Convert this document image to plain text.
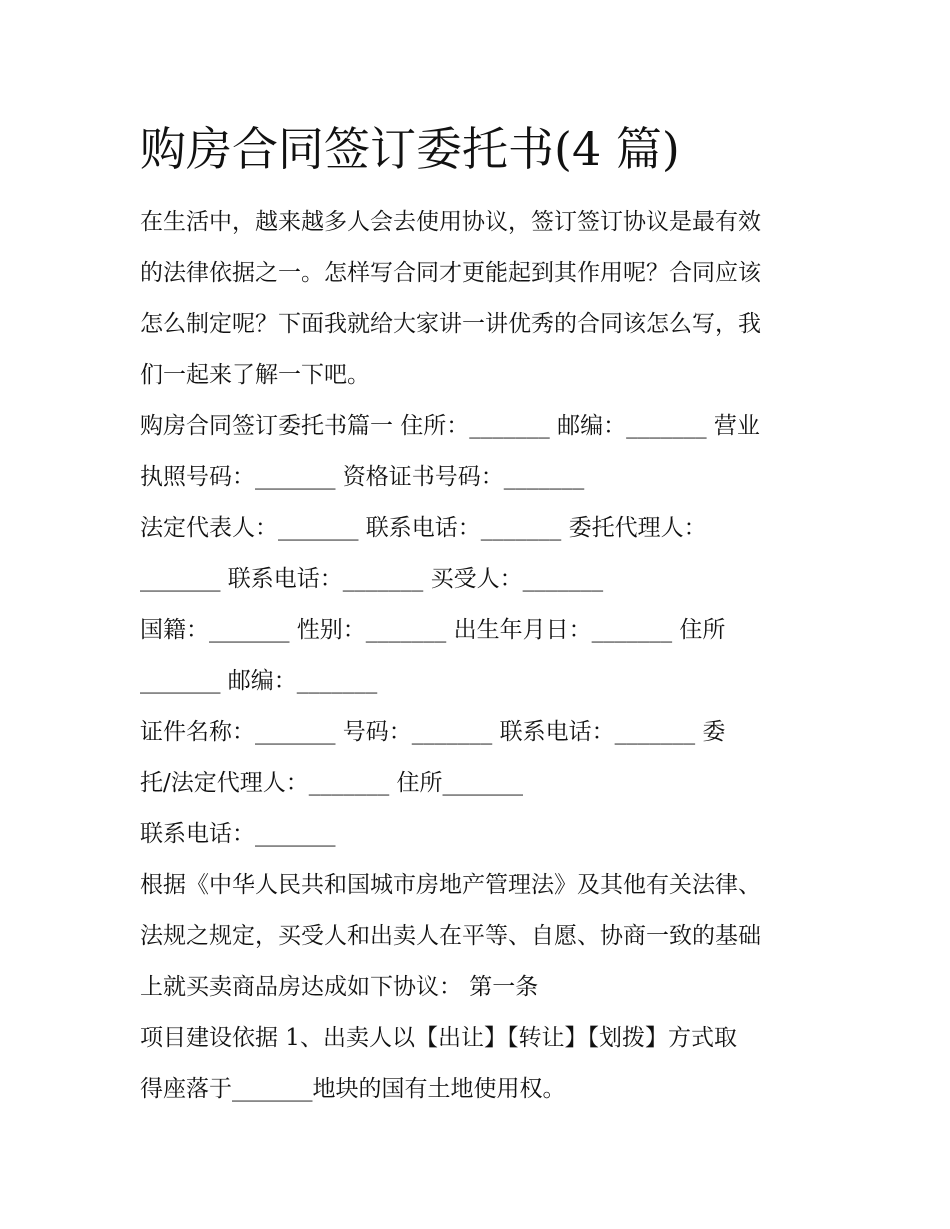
购房合同签订委托书(4 篇)

在生活中，越来越多人会去使用协议，签订签订协议是最有效

的法律依据之一。怎样写合同才更能起到其作用呢？合同应该

怎么制定呢？下面我就给大家讲一讲优秀的合同该怎么写，我

们一起来了解一下吧。

购房合同签订委托书篇一 住所：_______ 邮编：_______ 营业

执照号码：_______ 资格证书号码：_______

法定代表人：_______ 联系电话：_______ 委托代理人：

_______ 联系电话：_______ 买受人：_______

国籍：_______ 性别：_______ 出生年月日：_______ 住所

_______ 邮编：_______

证件名称：_______ 号码：_______ 联系电话：_______ 委

托/法定代理人：_______ 住所_______

联系电话：_______

根据《中华人民共和国城市房地产管理法》及其他有关法律、

法规之规定，买受人和出卖人在平等、自愿、协商一致的基础

上就买卖商品房达成如下协议： 第一条

项目建设依据 1、出卖人以【出让】【转让】【划拨】方式取

得座落于_______地块的国有土地使用权。
